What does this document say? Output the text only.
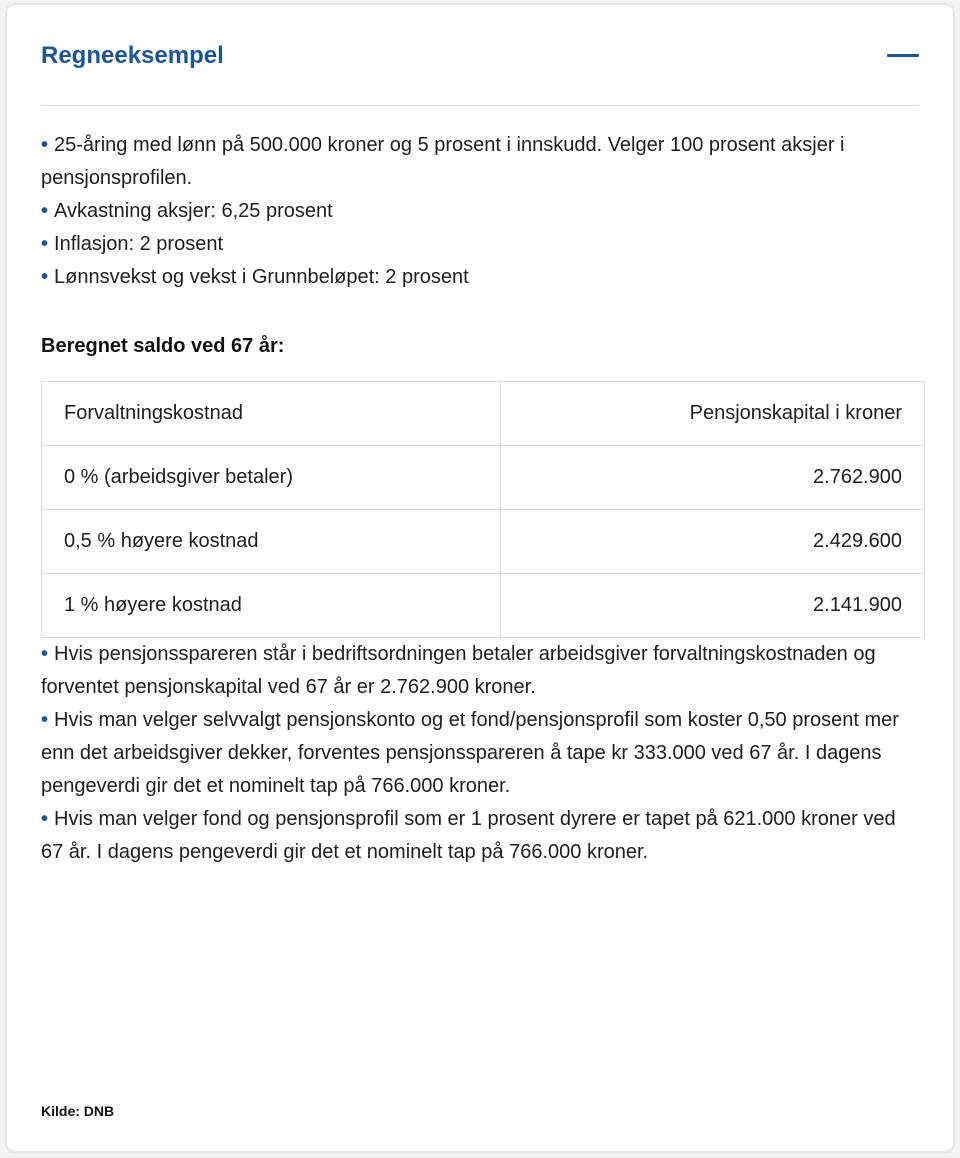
Regneeksempel
• 25-åring med lønn på 500.000 kroner og 5 prosent i innskudd. Velger 100 prosent aksjer i pensjonsprofilen.
• Avkastning aksjer: 6,25 prosent
• Inflasjon: 2 prosent
• Lønnsvekst og vekst i Grunnbeløpet: 2 prosent
Beregnet saldo ved 67 år:
Forvaltningskostnad	Pensjonskapital i kroner
0 % (arbeidsgiver betaler)	2.762.900
0,5 % høyere kostnad	2.429.600
1 % høyere kostnad	2.141.900
• Hvis pensjonsspareren står i bedriftsordningen betaler arbeidsgiver forvaltningskostnaden og forventet pensjonskapital ved 67 år er 2.762.900 kroner.
• Hvis man velger selvvalgt pensjonskonto og et fond/pensjonsprofil som koster 0,50 prosent mer enn det arbeidsgiver dekker, forventes pensjonsspareren å tape kr 333.000 ved 67 år. I dagens pengeverdi gir det et nominelt tap på 766.000 kroner.
• Hvis man velger fond og pensjonsprofil som er 1 prosent dyrere er tapet på 621.000 kroner ved 67 år. I dagens pengeverdi gir det et nominelt tap på 766.000 kroner.
Kilde: DNB
